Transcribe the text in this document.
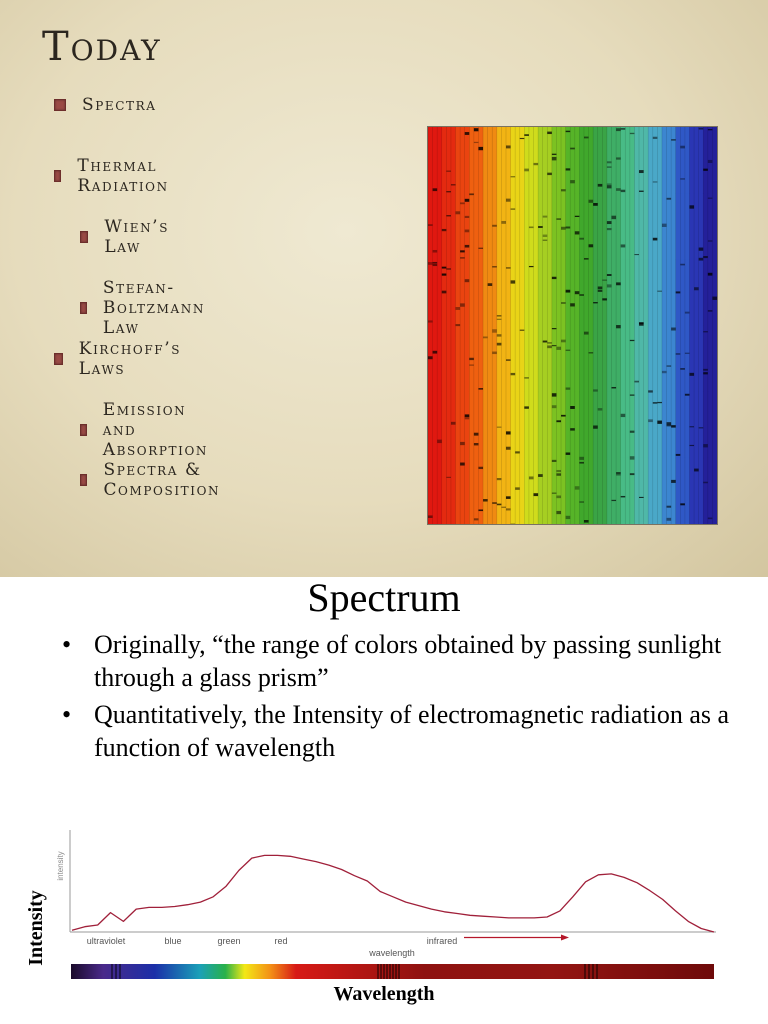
Today
Spectra
Thermal Radiation
Wien’s Law
Stefan-Boltzmann Law
Kirchoff’s Laws
Emission and Absorption
Spectra & Composition
Spectrum
• Originally, “the range of colors obtained by passing sunlight through a glass prism”
• Quantitatively, the Intensity of electromagnetic radiation as a function of wavelength
Intensity
intensity
ultraviolet	blue	green	red	infrared
wavelength
Wavelength
